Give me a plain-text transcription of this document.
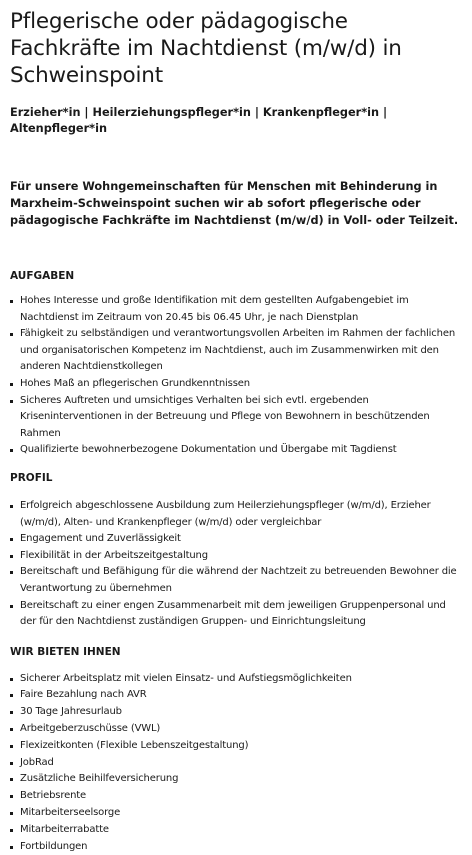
Pflegerische oder pädagogische Fachkräfte im Nachtdienst (m/w/d) in Schweinspoint
Erzieher*in | Heilerziehungspfleger*in | Krankenpfleger*in | Altenpfleger*in
Für unsere Wohngemeinschaften für Menschen mit Behinderung in Marxheim-Schweinspoint suchen wir ab sofort pflegerische oder pädagogische Fachkräfte im Nachtdienst (m/w/d) in Voll- oder Teilzeit.
AUFGABEN
Hohes Interesse und große Identifikation mit dem gestellten Aufgabengebiet im Nachtdienst im Zeitraum von 20.45 bis 06.45 Uhr, je nach Dienstplan
Fähigkeit zu selbständigen und verantwortungsvollen Arbeiten im Rahmen der fachlichen und organisatorischen Kompetenz im Nachtdienst, auch im Zusammenwirken mit den anderen Nachtdienstkollegen
Hohes Maß an pflegerischen Grundkenntnissen
Sicheres Auftreten und umsichtiges Verhalten bei sich evtl. ergebenden Kriseninterventionen in der Betreuung und Pflege von Bewohnern in beschützenden Rahmen
Qualifizierte bewohnerbezogene Dokumentation und Übergabe mit Tagdienst
PROFIL
Erfolgreich abgeschlossene Ausbildung zum Heilerziehungspfleger (w/m/d), Erzieher (w/m/d), Alten- und Krankenpfleger (w/m/d) oder vergleichbar
Engagement und Zuverlässigkeit
Flexibilität in der Arbeitszeitgestaltung
Bereitschaft und Befähigung für die während der Nachtzeit zu betreuenden Bewohner die Verantwortung zu übernehmen
Bereitschaft zu einer engen Zusammenarbeit mit dem jeweiligen Gruppenpersonal und der für den Nachtdienst zuständigen Gruppen- und Einrichtungsleitung
WIR BIETEN IHNEN
Sicherer Arbeitsplatz mit vielen Einsatz- und Aufstiegsmöglichkeiten
Faire Bezahlung nach AVR
30 Tage Jahresurlaub
Arbeitgeberzuschüsse (VWL)
Flexizeitkonten (Flexible Lebenszeitgestaltung)
JobRad
Zusätzliche Beihilfeversicherung
Betriebsrente
Mitarbeiterseelsorge
Mitarbeiterrabatte
Fortbildungen
